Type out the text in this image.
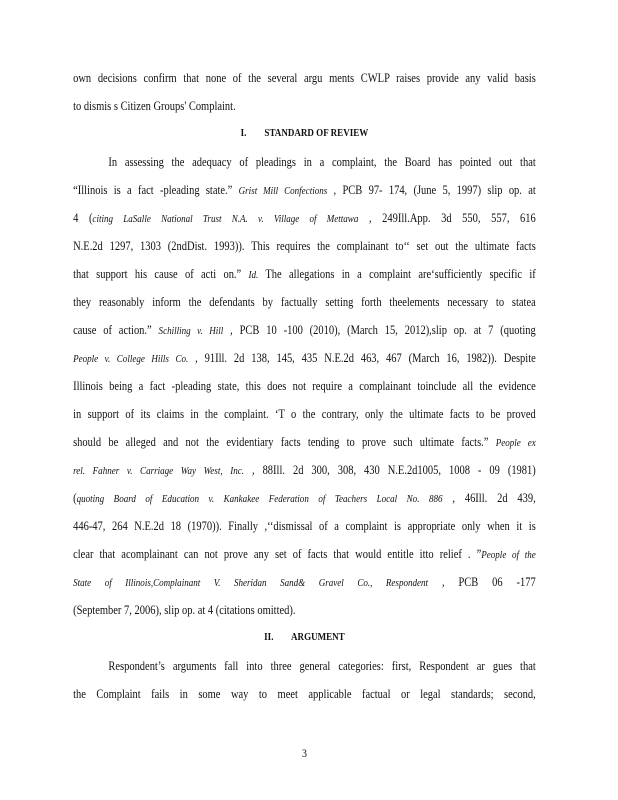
own decisions confirm that none of the several argu ments CWLP raises provide any valid basis
to dismis s Citizen Groups' Complaint.
I. STANDARD OF REVIEW
In assessing the adequacy of pleadings in a complaint, the Board has pointed out that
“Illinois is a fact -pleading state.” Grist Mill Confections , PCB 97- 174, (June 5, 1997) slip op. at
4 (citing LaSalle National Trust N.A. v. Village of Mettawa , 249Ill.App. 3d 550, 557, 616
N.E.2d 1297, 1303 (2ndDist. 1993)). This requires the complainant to‘‘ set out the ultimate facts
that support his cause of acti on.” Id. The allegations in a complaint are‘sufficiently specific if
they reasonably inform the defendants by factually setting forth theelements necessary to statea
cause of action.” Schilling v. Hill , PCB 10 -100 (2010), (March 15, 2012),slip op. at 7 (quoting
People v. College Hills Co. , 91Ill. 2d 138, 145, 435 N.E.2d 463, 467 (March 16, 1982)). Despite
Illinois being a fact -pleading state, this does not require a complainant toinclude all the evidence
in support of its claims in the complaint. ‘T o the contrary, only the ultimate facts to be proved
should be alleged and not the evidentiary facts tending to prove such ultimate facts.” People ex
rel. Fahner v. Carriage Way West, Inc. , 88Ill. 2d 300, 308, 430 N.E.2d1005, 1008 - 09 (1981)
(quoting Board of Education v. Kankakee Federation of Teachers Local No. 886 , 46Ill. 2d 439,
446-47, 264 N.E.2d 18 (1970)). Finally ,‘‘dismissal of a complaint is appropriate only when it is
clear that acomplainant can not prove any set of facts that would entitle itto relief . ”People of the
State of Illinois,Complainant V. Sheridan Sand& Gravel Co., Respondent , PCB 06 -177
(September 7, 2006), slip op. at 4 (citations omitted).
II. ARGUMENT
Respondent’s arguments fall into three general categories: first, Respondent ar gues that
the Complaint fails in some way to meet applicable factual or legal standards; second,
3
